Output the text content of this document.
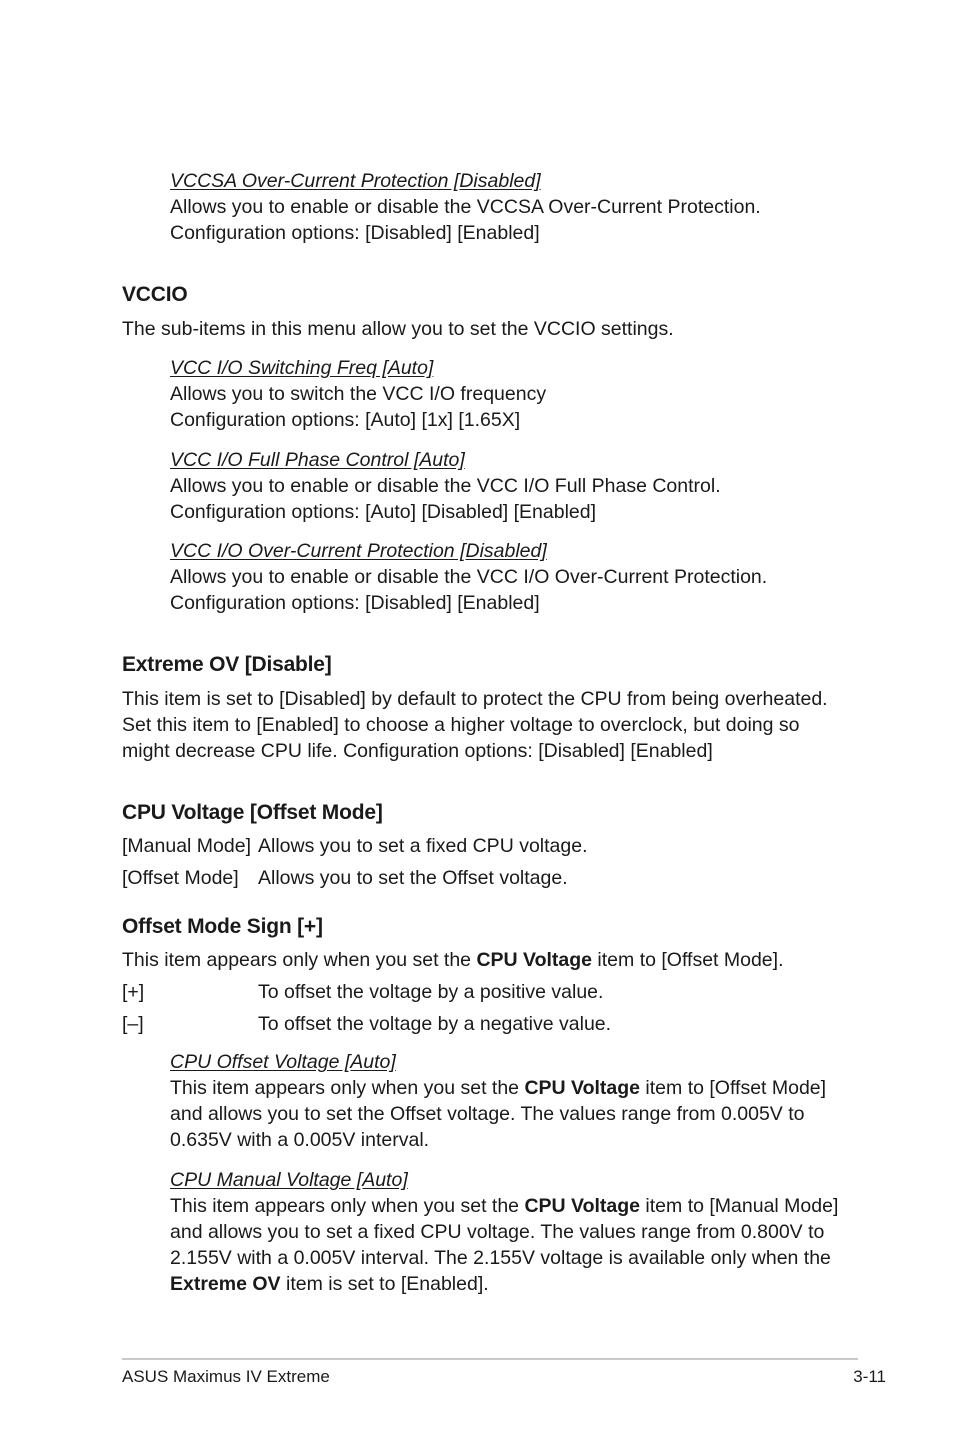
VCCSA Over-Current Protection [Disabled]
Allows you to enable or disable the VCCSA Over-Current Protection.
Configuration options: [Disabled] [Enabled]
VCCIO
The sub-items in this menu allow you to set the VCCIO settings.
VCC I/O Switching Freq [Auto]
Allows you to switch the VCC I/O frequency
Configuration options: [Auto] [1x] [1.65X]
VCC I/O Full Phase Control [Auto]
Allows you to enable or disable the VCC I/O Full Phase Control.
Configuration options: [Auto] [Disabled] [Enabled]
VCC I/O Over-Current Protection [Disabled]
Allows you to enable or disable the VCC I/O Over-Current Protection.
Configuration options: [Disabled] [Enabled]
Extreme OV [Disable]
This item is set to [Disabled] by default to protect the CPU from being overheated.
Set this item to [Enabled] to choose a higher voltage to overclock, but doing so
might decrease CPU life. Configuration options: [Disabled] [Enabled]
CPU Voltage [Offset Mode]
[Manual Mode] Allows you to set a fixed CPU voltage.
[Offset Mode] Allows you to set the Offset voltage.
Offset Mode Sign [+]
This item appears only when you set the CPU Voltage item to [Offset Mode].
[+]	To offset the voltage by a positive value.
[–]	To offset the voltage by a negative value.
CPU Offset Voltage [Auto]
This item appears only when you set the CPU Voltage item to [Offset Mode]
and allows you to set the Offset voltage. The values range from 0.005V to
0.635V with a 0.005V interval.
CPU Manual Voltage [Auto]
This item appears only when you set the CPU Voltage item to [Manual Mode]
and allows you to set a fixed CPU voltage. The values range from 0.800V to
2.155V with a 0.005V interval. The 2.155V voltage is available only when the
Extreme OV item is set to [Enabled].
ASUS Maximus IV Extreme	3-11
